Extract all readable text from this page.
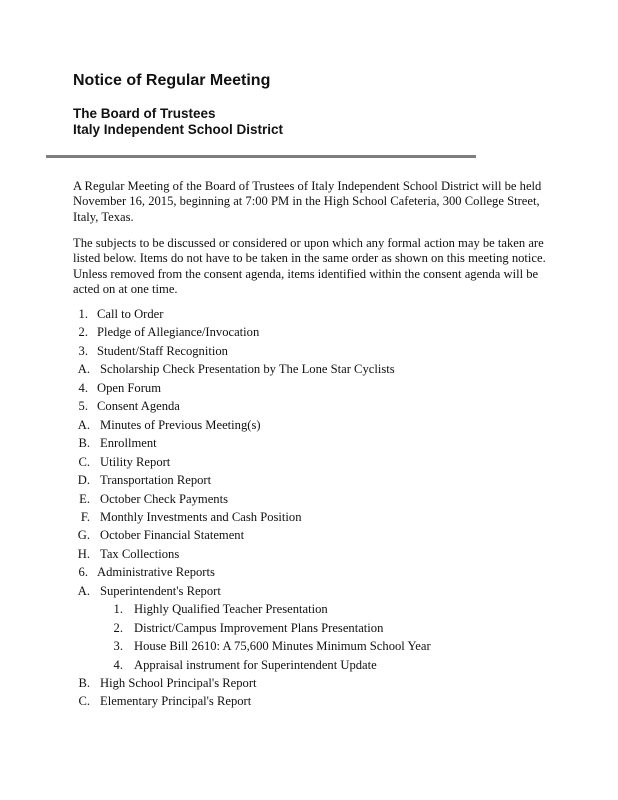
Notice of Regular Meeting
The Board of Trustees
Italy Independent School District

A Regular Meeting of the Board of Trustees of Italy Independent School District will be held November 16, 2015, beginning at 7:00 PM in the High School Cafeteria, 300 College Street, Italy, Texas.

The subjects to be discussed or considered or upon which any formal action may be taken are listed below. Items do not have to be taken in the same order as shown on this meeting notice. Unless removed from the consent agenda, items identified within the consent agenda will be acted on at one time.

1. Call to Order
2. Pledge of Allegiance/Invocation
3. Student/Staff Recognition
A. Scholarship Check Presentation by The Lone Star Cyclists
4. Open Forum
5. Consent Agenda
A. Minutes of Previous Meeting(s)
B. Enrollment
C. Utility Report
D. Transportation Report
E. October Check Payments
F. Monthly Investments and Cash Position
G. October Financial Statement
H. Tax Collections
6. Administrative Reports
A. Superintendent's Report
1. Highly Qualified Teacher Presentation
2. District/Campus Improvement Plans Presentation
3. House Bill 2610: A 75,600 Minutes Minimum School Year
4. Appraisal instrument for Superintendent Update
B. High School Principal's Report
C. Elementary Principal's Report
